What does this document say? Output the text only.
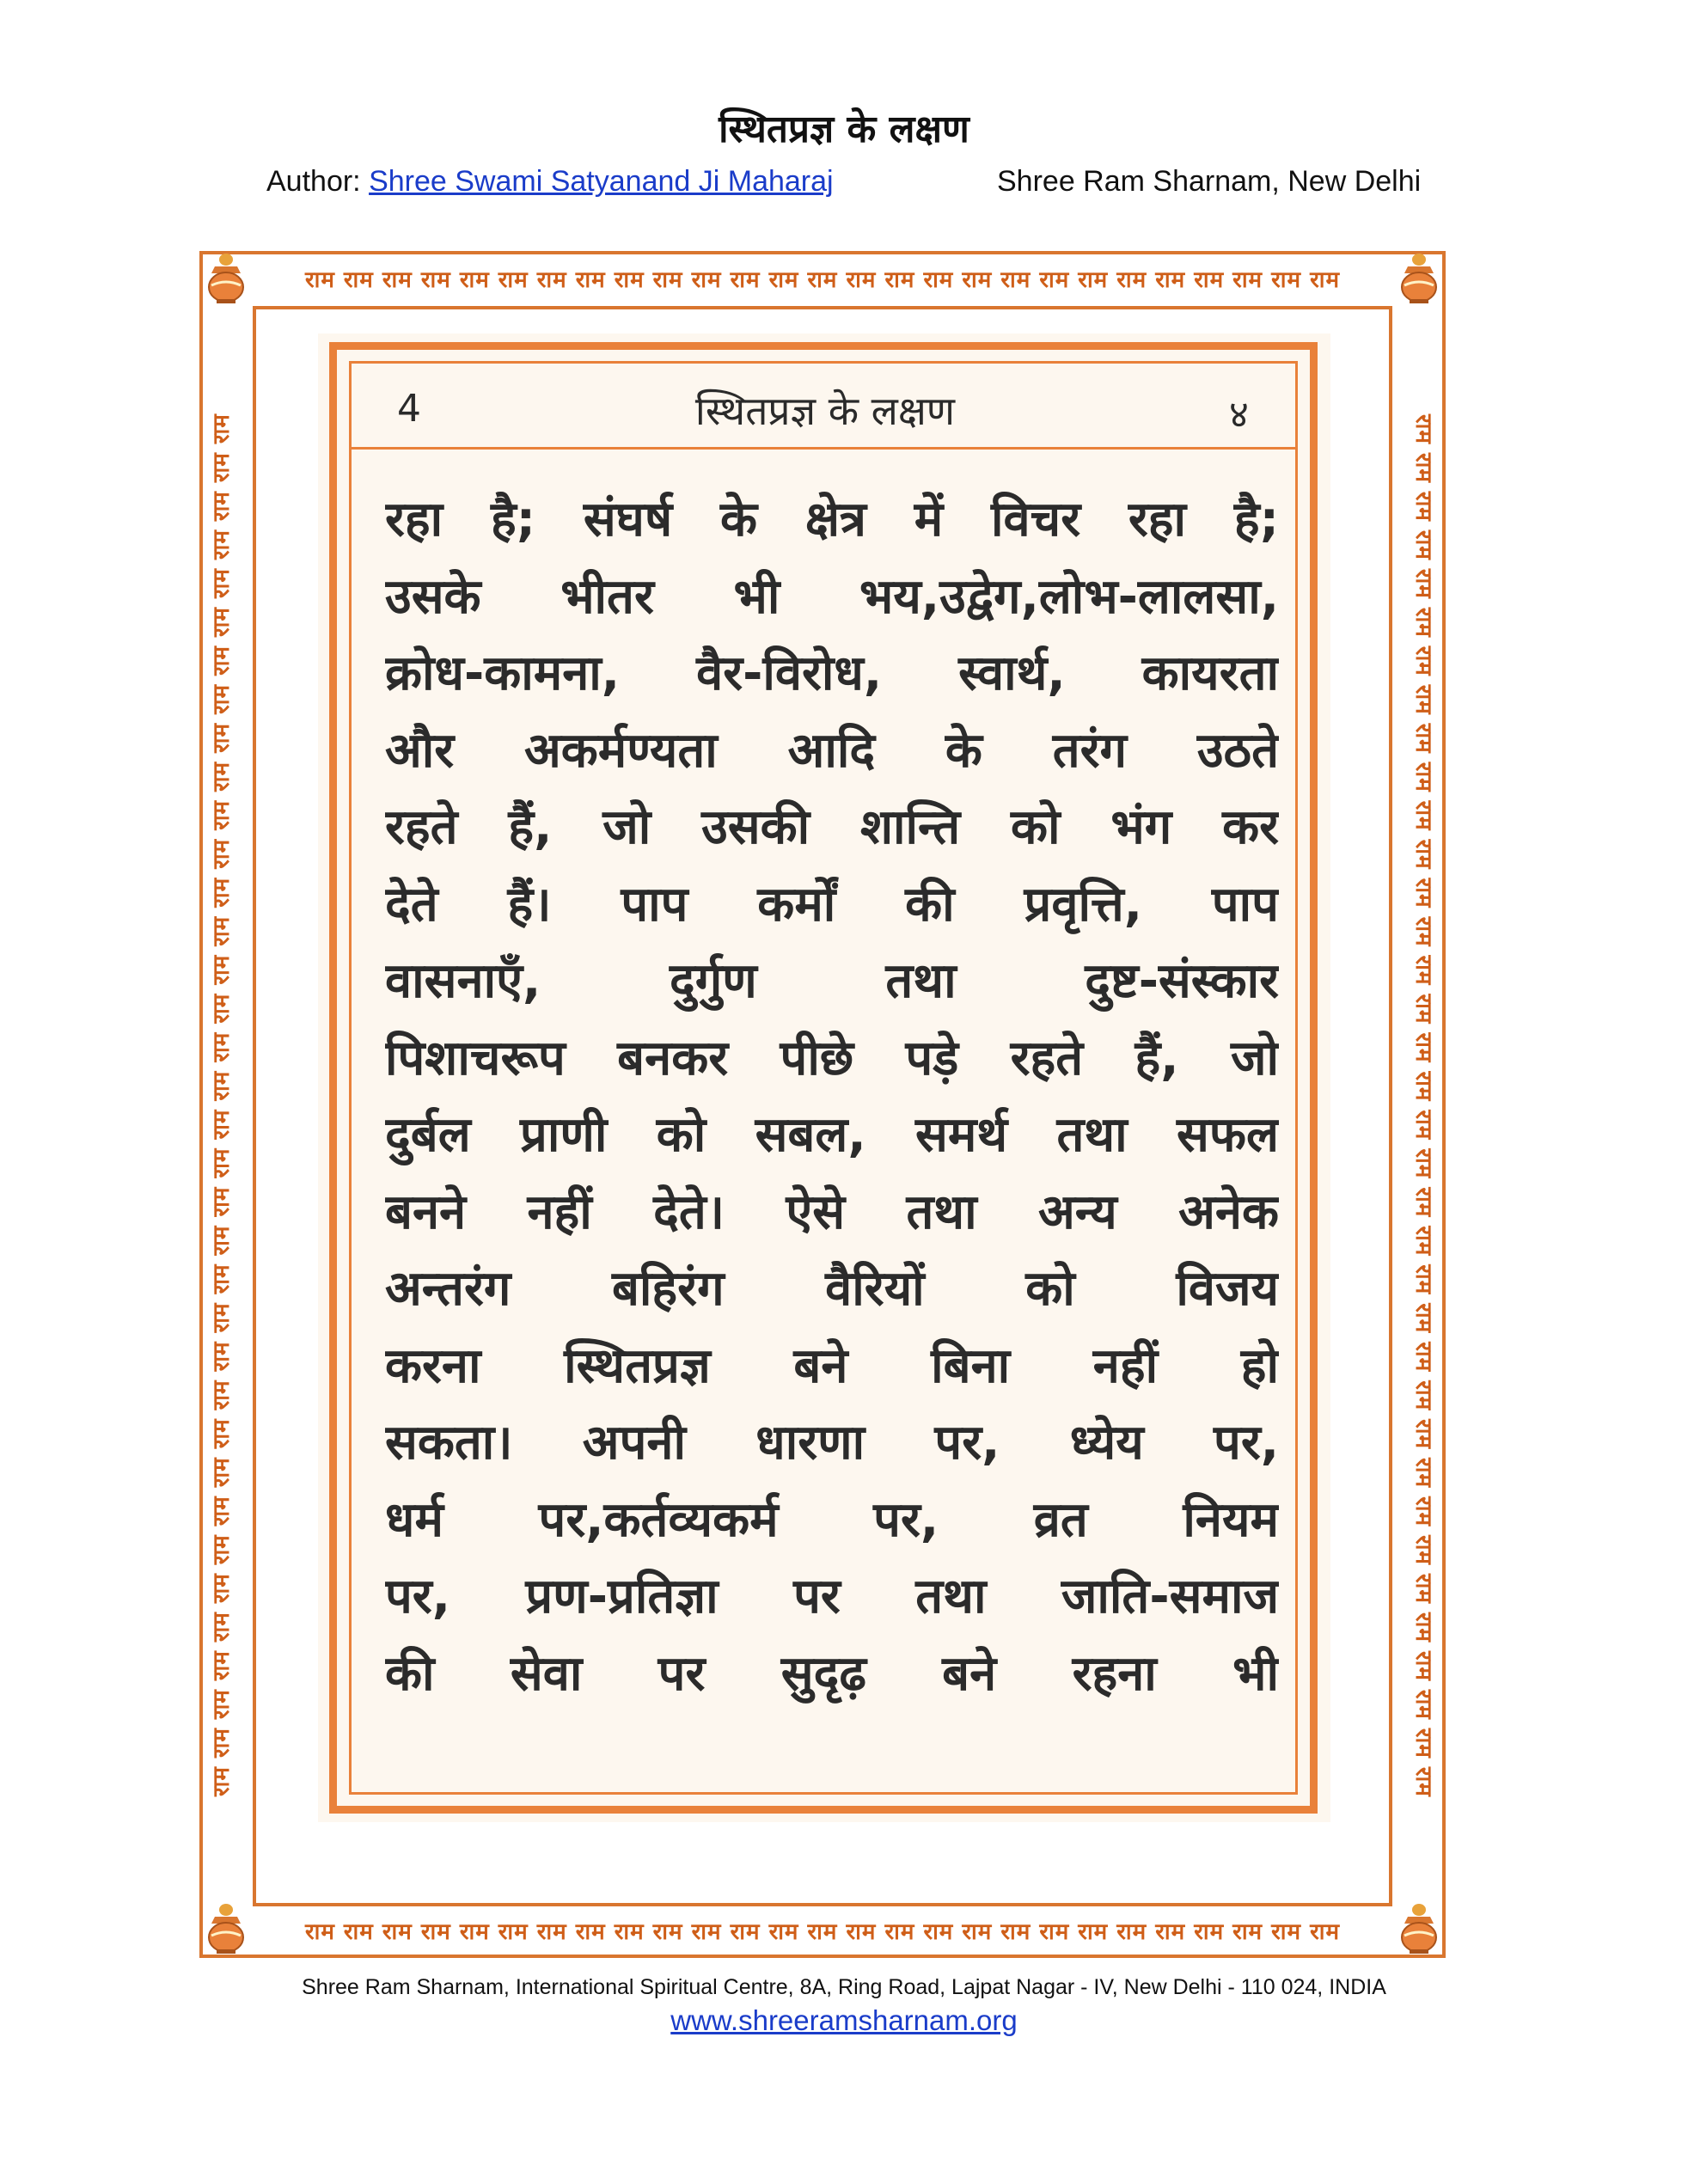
स्थितप्रज्ञ के लक्षण
Author: Shree Swami Satyanand Ji Maharaj	Shree Ram Sharnam, New Delhi
राम राम राम राम राम राम राम राम राम राम राम राम राम राम राम राम राम राम राम राम राम राम राम राम राम राम राम
राम राम राम राम राम राम राम राम राम राम राम राम राम राम राम राम राम राम राम राम राम राम राम राम राम राम राम
राम राम राम राम राम राम राम राम राम राम राम राम राम राम राम राम राम राम राम राम राम राम राम राम राम राम राम राम राम राम राम राम राम राम राम राम	राम राम राम राम राम राम राम राम राम राम राम राम राम राम राम राम राम राम राम राम राम राम राम राम राम राम राम राम राम राम राम राम राम राम राम राम
4	स्थितप्रज्ञ के लक्षण	४
रहा है; संघर्ष के क्षेत्र में विचर रहा है;
उसके भीतर भी भय,उद्वेग,लोभ-लालसा,
क्रोध-कामना, वैर-विरोध, स्वार्थ, कायरता
और अकर्मण्यता आदि के तरंग उठते
रहते हैं, जो उसकी शान्ति को भंग कर
देते हैं। पाप कर्मों की प्रवृत्ति, पाप
वासनाएँ, दुर्गुण तथा दुष्ट-संस्कार
पिशाचरूप बनकर पीछे पड़े रहते हैं, जो
दुर्बल प्राणी को सबल, समर्थ तथा सफल
बनने नहीं देते। ऐसे तथा अन्य अनेक
अन्तरंग बहिरंग वैरियों को विजय
करना स्थितप्रज्ञ बने बिना नहीं हो
सकता। अपनी धारणा पर, ध्येय पर,
धर्म पर,कर्तव्यकर्म पर, व्रत नियम
पर, प्रण-प्रतिज्ञा पर तथा जाति-समाज
की सेवा पर सुदृढ़ बने रहना भी
Shree Ram Sharnam, International Spiritual Centre, 8A, Ring Road, Lajpat Nagar - IV, New Delhi - 110 024, INDIA
www.shreeramsharnam.org
